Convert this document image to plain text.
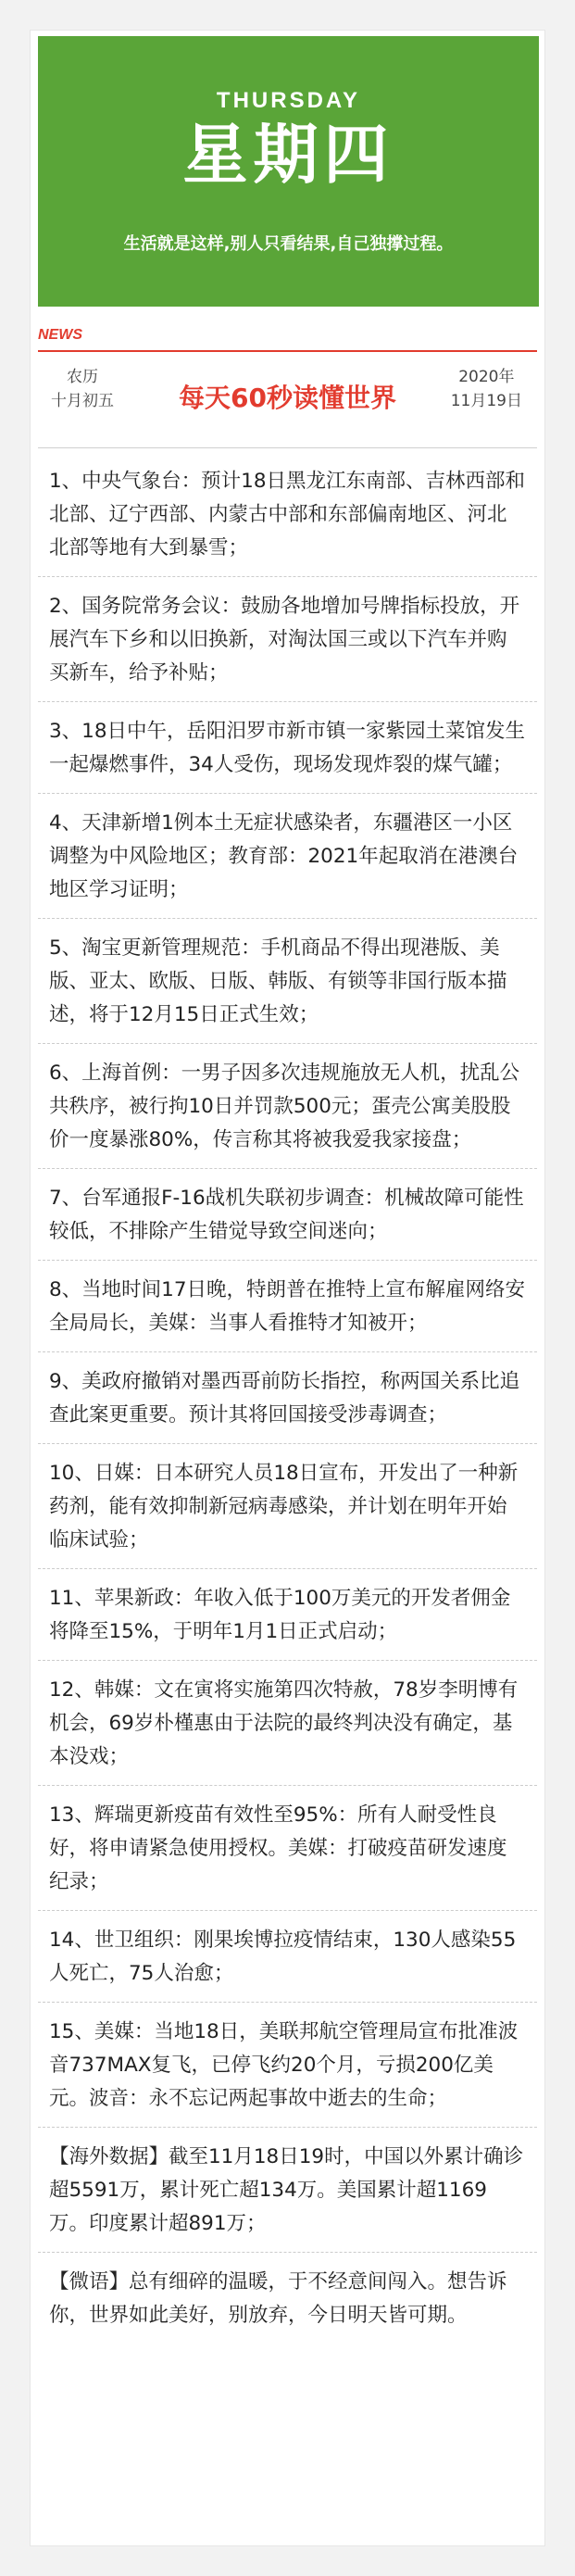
THURSDAY
星期四
生活就是这样,别人只看结果,自己独撑过程。
NEWS
农历
十月初五	每天60秒读懂世界
2020年
11月19日
1、中央气象台：预计18日黑龙江东南部、吉林西部和北部、辽宁西部、内蒙古中部和东部偏南地区、河北北部等地有大到暴雪；
2、国务院常务会议：鼓励各地增加号牌指标投放，开展汽车下乡和以旧换新，对淘汰国三或以下汽车并购买新车，给予补贴；
3、18日中午，岳阳汨罗市新市镇一家紫园土菜馆发生一起爆燃事件，34人受伤，现场发现炸裂的煤气罐；
4、天津新增1例本土无症状感染者，东疆港区一小区调整为中风险地区；教育部：2021年起取消在港澳台地区学习证明；
5、淘宝更新管理规范：手机商品不得出现港版、美版、亚太、欧版、日版、韩版、有锁等非国行版本描述，将于12月15日正式生效；
6、上海首例：一男子因多次违规施放无人机，扰乱公共秩序，被行拘10日并罚款500元；蛋壳公寓美股股价一度暴涨80%，传言称其将被我爱我家接盘；
7、台军通报F-16战机失联初步调查：机械故障可能性较低，不排除产生错觉导致空间迷向；
8、当地时间17日晚，特朗普在推特上宣布解雇网络安全局局长，美媒：当事人看推特才知被开；
9、美政府撤销对墨西哥前防长指控，称两国关系比追查此案更重要。预计其将回国接受涉毒调查；
10、日媒：日本研究人员18日宣布，开发出了一种新药剂，能有效抑制新冠病毒感染，并计划在明年开始临床试验；
11、苹果新政：年收入低于100万美元的开发者佣金将降至15%，于明年1月1日正式启动；
12、韩媒：文在寅将实施第四次特赦，78岁李明博有机会，69岁朴槿惠由于法院的最终判决没有确定，基本没戏；
13、辉瑞更新疫苗有效性至95%：所有人耐受性良好，将申请紧急使用授权。美媒：打破疫苗研发速度纪录；
14、世卫组织：刚果埃博拉疫情结束，130人感染55人死亡，75人治愈；
15、美媒：当地18日，美联邦航空管理局宣布批准波音737MAX复飞，已停飞约20个月，亏损200亿美元。波音：永不忘记两起事故中逝去的生命；
【海外数据】截至11月18日19时，中国以外累计确诊超5591万，累计死亡超134万。美国累计超1169万。印度累计超891万；
【微语】总有细碎的温暖，于不经意间闯入。想告诉你，世界如此美好，别放弃，今日明天皆可期。
